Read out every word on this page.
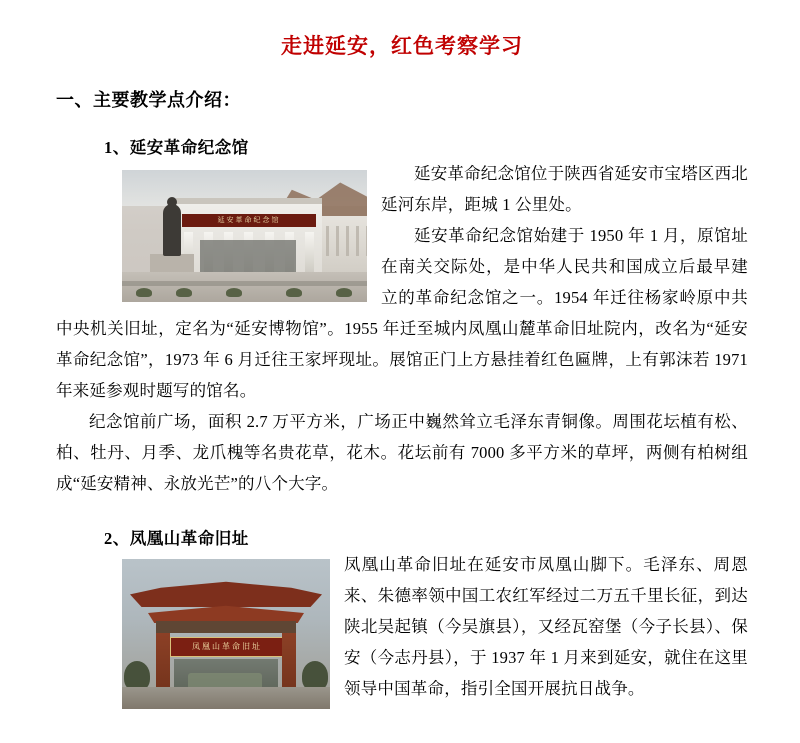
走进延安，红色考察学习
一、主要教学点介绍：
1、延安革命纪念馆
延安革命纪念馆

延安革命纪念馆位于陕西省延安市宝塔区西北延河东岸，距城 1 公里处。

延安革命纪念馆始建于 1950 年 1 月，原馆址在南关交际处，是中华人民共和国成立后最早建立的革命纪念馆之一。1954 年迁往杨家岭原中共中央机关旧址，定名为“延安博物馆”。1955 年迁至城内凤凰山麓革命旧址院内，改名为“延安革命纪念馆”，1973 年 6 月迁往王家坪现址。展馆正门上方悬挂着红色匾牌，上有郭沫若 1971 年来延参观时题写的馆名。

纪念馆前广场，面积 2.7 万平方米，广场正中巍然耸立毛泽东青铜像。周围花坛植有松、柏、牡丹、月季、龙爪槐等名贵花草，花木。花坛前有 7000 多平方米的草坪，两侧有柏树组成“延安精神、永放光芒”的八个大字。

2、凤凰山革命旧址
凤凰山革命旧址

凤凰山革命旧址在延安市凤凰山脚下。毛泽东、周恩来、朱德率领中国工农红军经过二万五千里长征，到达陕北吴起镇（今吴旗县），又经瓦窑堡（今子长县）、保安（今志丹县），于 1937 年 1 月来到延安，就住在这里领导中国革命，指引全国开展抗日战争。
